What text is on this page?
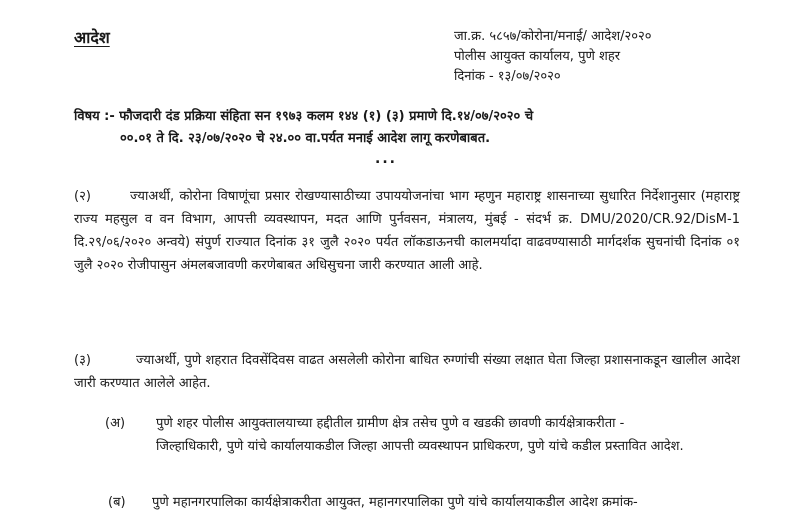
आदेश	जा.क्र. ५८५७/कोरोना/मनाई/ आदेश/२०२०
पोलीस आयुक्त कार्यालय, पुणे शहर
दिनांक - १३/०७/२०२०
विषय :- फौजदारी दंड प्रक्रिया संहिता सन १९७३ कलम १४४ (१) (३) प्रमाणे दि.१४/०७/२०२० चे
००.०१ ते दि. २३/०७/२०२० चे २४.०० वा.पर्यत मनाई आदेश लागू करणेबाबत.
...
(२)	ज्याअर्थी, कोरोना विषाणूंचा प्रसार रोखण्यासाठीच्या उपाययोजनांचा भाग म्हणुन महाराष्ट्र शासनाच्या सुधारित निर्देशानुसार (महाराष्ट्र राज्य महसुल व वन विभाग, आपत्ती व्यवस्थापन, मदत आणि पुर्नवसन, मंत्रालय, मुंबई - संदर्भ क्र. DMU/2020/CR.92/DisM-1 दि.२९/०६/२०२० अन्वये) संपुर्ण राज्यात दिनांक ३१ जुलै २०२० पर्यत लॉकडाऊनची कालमर्यादा वाढवण्यासाठी मार्गदर्शक सुचनांची दिनांक ०१ जुलै २०२० रोजीपासुन अंमलबजावणी करणेबाबत अधिसुचना जारी करण्यात आली आहे.
(३)	ज्याअर्थी, पुणे शहरात दिवसेंदिवस वाढत असलेली कोरोना बाधित रुग्णांची संख्या लक्षात घेता जिल्हा प्रशासनाकडून खालील आदेश जारी करण्यात आलेले आहेत.
(अ)	पुणे शहर पोलीस आयुक्तालयाच्या हद्दीतील ग्रामीण क्षेत्र तसेच पुणे व खडकी छावणी कार्यक्षेत्राकरीता -
जिल्हाधिकारी, पुणे यांचे कार्यालयाकडील जिल्हा आपत्ती व्यवस्थापन प्राधिकरण, पुणे यांचे कडील प्रस्तावित आदेश.
(ब)	पुणे महानगरपालिका कार्यक्षेत्राकरीता आयुक्त, महानगरपालिका पुणे यांचे कार्यालयाकडील आदेश क्रमांक-
